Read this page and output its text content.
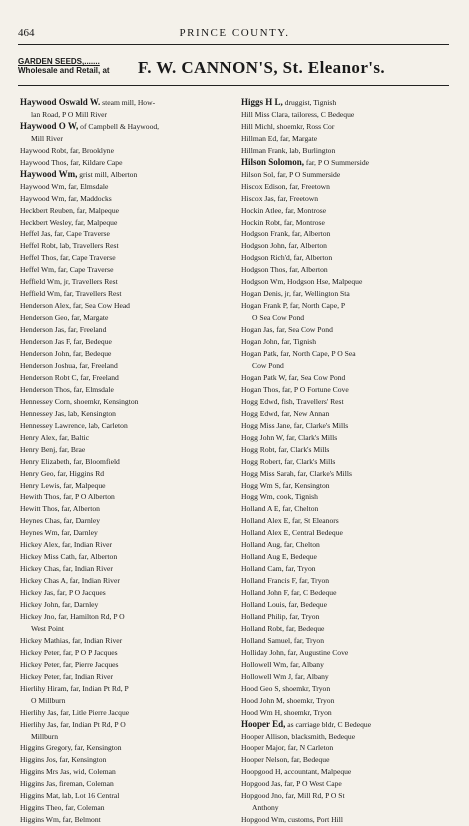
464	PRINCE COUNTY.
GARDEN SEEDS,.......
Wholesale and Retail, at F. W. CANNON'S, St. Eleanor's.
Haywood Oswald W. steam mill, How-
lan Road, P O Mill River
Haywood O W, of Campbell & Haywood,
Mill River
Haywood Robt, far, Brooklyne
Haywood Thos, far, Kildare Cape
Haywood Wm, grist mill, Alberton
Haywood Wm, far, Elmsdale
Haywood Wm, far, Maddocks
Heckbert Reuben, far, Malpeque
Heckbert Wesley, far, Malpeque
Heffel Jas, far, Cape Traverse
Heffel Robt, lab, Travellers Rest
Heffel Thos, far, Cape Traverse
Heffel Wm, far, Cape Traverse
Heffield Wm, jr, Travellers Rest
Heffield Wm, far, Travellers Rest
Henderson Alex, far, Sea Cow Head
Henderson Geo, far, Margate
Henderson Jas, far, Freeland
Henderson Jas F, far, Bedeque
Henderson John, far, Bedeque
Henderson Joshua, far, Freeland
Henderson Robt C, far, Freeland
Henderson Thos, far, Elmsdale
Hennessey Corn, shoemkr, Kensington
Hennessey Jas, lab, Kensington
Hennessey Lawrence, lab, Carleton
Henry Alex, far, Baltic
Henry Benj, far, Brae
Henry Elizabeth, far, Bloomfield
Henry Geo, far, Higgins Rd
Henry Lewis, far, Malpeque
Hewith Thos, far, P O Alberton
Hewitt Thos, far, Alberton
Heynes Chas, far, Darnley
Heynes Wm, far, Darnley
Hickey Alex, far, Indian River
Hickey Miss Cath, far, Alberton
Hickey Chas, far, Indian River
Hickey Chas A, far, Indian River
Hickey Jas, far, P O Jacques
Hickey John, far, Darnley
Hickey Jno, far, Hamilton Rd, P O
West Point
Hickey Mathias, far, Indian River
Hickey Peter, far, P O P Jacques
Hickey Peter, far, Pierre Jacques
Hickey Peter, far, Indian River
Hierlihy Hiram, far, Indian Pt Rd, P
O Millburn
Hierlihy Jas, far, Litle Pierre Jacque
Hierlihy Jas, far, Indian Pt Rd, P O
Millburn
Higgins Gregory, far, Kensington
Higgins Jos, far, Kensington
Higgins Mrs Jas, wid, Coleman
Higgins Jas, fireman, Coleman
Higgins Mat, lab, Lot 16 Central
Higgins Theo, far, Coleman
Higgins Wm, far, Belmont
Higgs H L, druggist, Tignish
Hill Miss Clara, tailoress, C Bedeque
Hill Michl, shoemkr, Ross Cor
Hillman Ed, far, Margate
Hillman Frank, lab, Burlington
Hilson Solomon, far, P O Summerside
Hilson Sol, far, P O Summerside
Hiscox Edison, far, Freetown
Hiscox Jas, far, Freetown
Hockin Atlee, far, Montrose
Hockin Robt, far, Montrose
Hodgson Frank, far, Alberton
Hodgson John, far, Alberton
Hodgson Rich'd, far, Alberton
Hodgson Thos, far, Alberton
Hodgson Wm, Hodgson Hse, Malpeque
Hogan Denis, jr, far, Wellington Sta
Hogan Frank P, far, North Cape, P
O Sea Cow Pond
Hogan Jas, far, Sea Cow Pond
Hogan John, far, Tignish
Hogan Patk, far, North Cape, P O Sea
Cow Pond
Hogan Patk W, far, Sea Cow Pond
Hogan Thos, far, P O Fortune Cove
Hogg Edwd, fish, Travellers' Rest
Hogg Edwd, far, New Annan
Hogg Miss Jane, far, Clarke's Mills
Hogg John W, far, Clark's Mills
Hogg Robt, far, Clark's Mills
Hogg Robert, far, Clark's Mills
Hogg Miss Sarah, far, Clarke's Mills
Hogg Wm S, far, Kensington
Hogg Wm, cook, Tignish
Holland A E, far, Chelton
Holland Alex E, far, St Eleanors
Holland Alex E, Central Bedeque
Holland Aug, far, Chelton
Holland Aug E, Bedeque
Holland Cam, far, Tryon
Holland Francis F, far, Tryon
Holland John F, far, C Bedeque
Holland Louis, far, Bedeque
Holland Philip, far, Tryon
Holland Robt, far, Bedeque
Holland Samuel, far, Tryon
Holliday John, far, Augustine Cove
Hollowell Wm, far, Albany
Hollowell Wm J, far, Albany
Hood Geo S, shoemkr, Tryon
Hood John M, shoemkr, Tryon
Hood Wm H, shoemkr, Tryon
Hooper Ed, as carriage bldr, C Bedeque
Hooper Allison, blacksmith, Bedeque
Hooper Major, far, N Carleton
Hooper Nelson, far, Bedeque
Hoopgood H, accountant, Malpeque
Hopgood Jas, far, P O West Cape
Hopgood Jno, far, Mill Rd, P O St
Anthony
Hopgood Wm, customs, Port Hill
